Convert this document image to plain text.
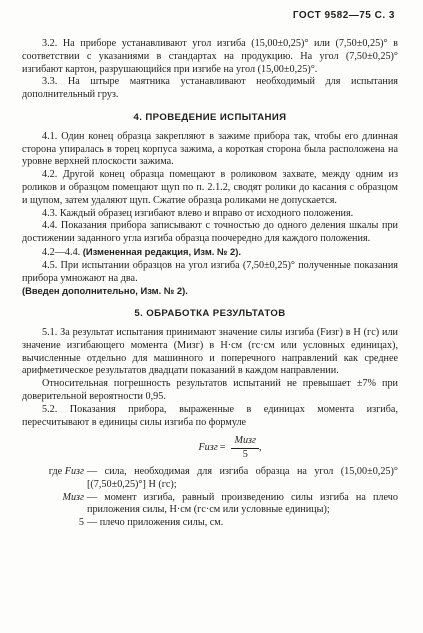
ГОСТ 9582—75 С. 3

3.2. На приборе устанавливают угол изгиба (15,00±0,25)° или (7,50±0,25)° в соответствии с указаниями в стандартах на продукцию. На угол (7,50±0,25)° изгибают картон, разрушающийся при изгибе на угол (15,00±0,25)°.

3.3. На штыре маятника устанавливают необходимый для испытания дополнительный груз.

4. ПРОВЕДЕНИЕ ИСПЫТАНИЯ

4.1. Один конец образца закрепляют в зажиме прибора так, чтобы его длинная сторона упиралась в торец корпуса зажима, а короткая сторона была расположена на уровне верхней плоскости зажима.

4.2. Другой конец образца помещают в роликовом захвате, между одним из роликов и образцом помещают щуп по п. 2.1.2, сводят ролики до касания с образцом и щупом, затем удаляют щуп. Сжатие образца роликами не допускается.

4.3. Каждый образец изгибают влево и вправо от исходного положения.

4.4. Показания прибора записывают с точностью до одного деления шкалы при достижении заданного угла изгиба образца поочередно для каждого положения.

4.2—4.4. (Измененная редакция, Изм. № 2).

4.5. При испытании образцов на угол изгиба (7,50±0,25)° полученные показания прибора умножают на два.

(Введен дополнительно, Изм. № 2).

5. ОБРАБОТКА РЕЗУЛЬТАТОВ

5.1. За результат испытания принимают значение силы изгиба (Fизг) в Н (гс) или значение изгибающего момента (Mизг) в Н·см (гс·см или условных единицах), вычисленные отдельно для машинного и поперечного направлений как среднее арифметическое результатов двадцати показаний в каждом направлении.

Относительная погрешность результатов испытаний не превышает ±7% при доверительной вероятности 0,95.

5.2. Показания прибора, выраженные в единицах момента изгиба, пересчитывают в единицы силы изгиба по формуле

Fизг = $\frac{\text{Mизг}}{5}$ ,
где Fизг — сила, необходимая для изгиба образца на угол (15,00±0,25)° [(7,50±0,25)°] Н (гс);
Mизг — момент изгиба, равный произведению силы изгиба на плечо приложения силы, Н·см (гс·см или условные единицы);
5 — плечо приложения силы, см.
